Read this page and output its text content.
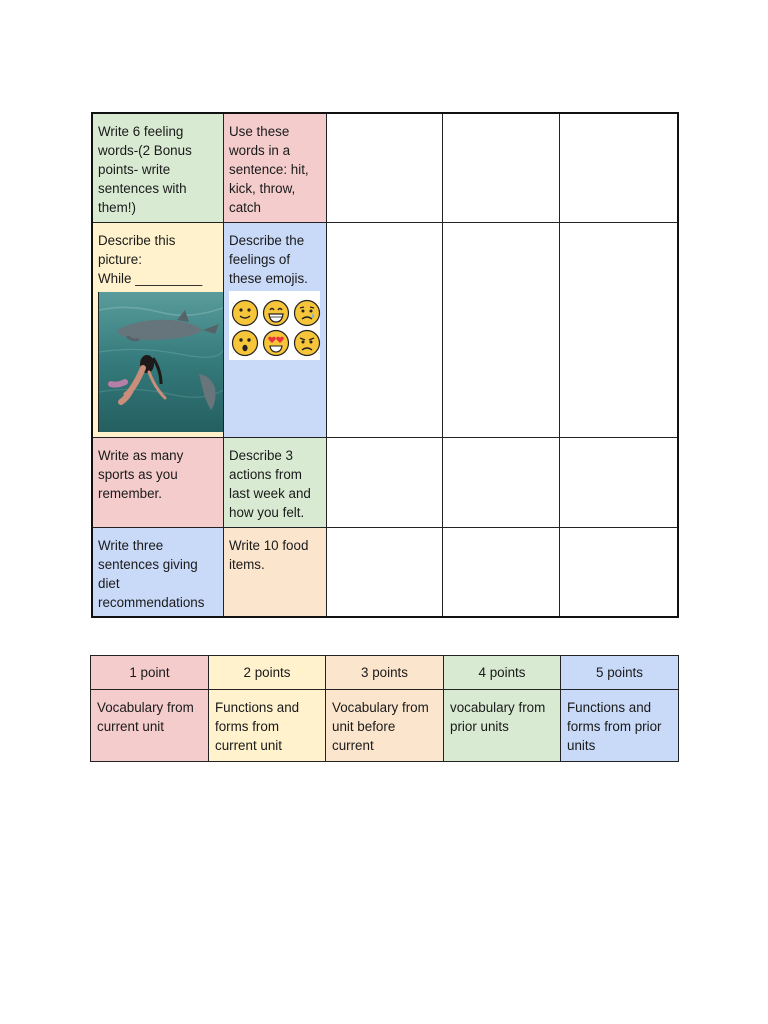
Write 6 feeling words-(2 Bonus points- write sentences with them!)	Use these words in a sentence: hit, kick, throw, catch			
Describe this picture:
While _________	Describe the feelings of these emojis.

Write as many sports as you remember.	Describe 3 actions from last week and how you felt.			
Write three sentences giving diet recommendations	Write 10 food items.			
1 point	2 points	3 points	4 points	5 points
Vocabulary from current unit	Functions and forms from current unit	Vocabulary from unit before current	vocabulary from prior units	Functions and forms from prior units
